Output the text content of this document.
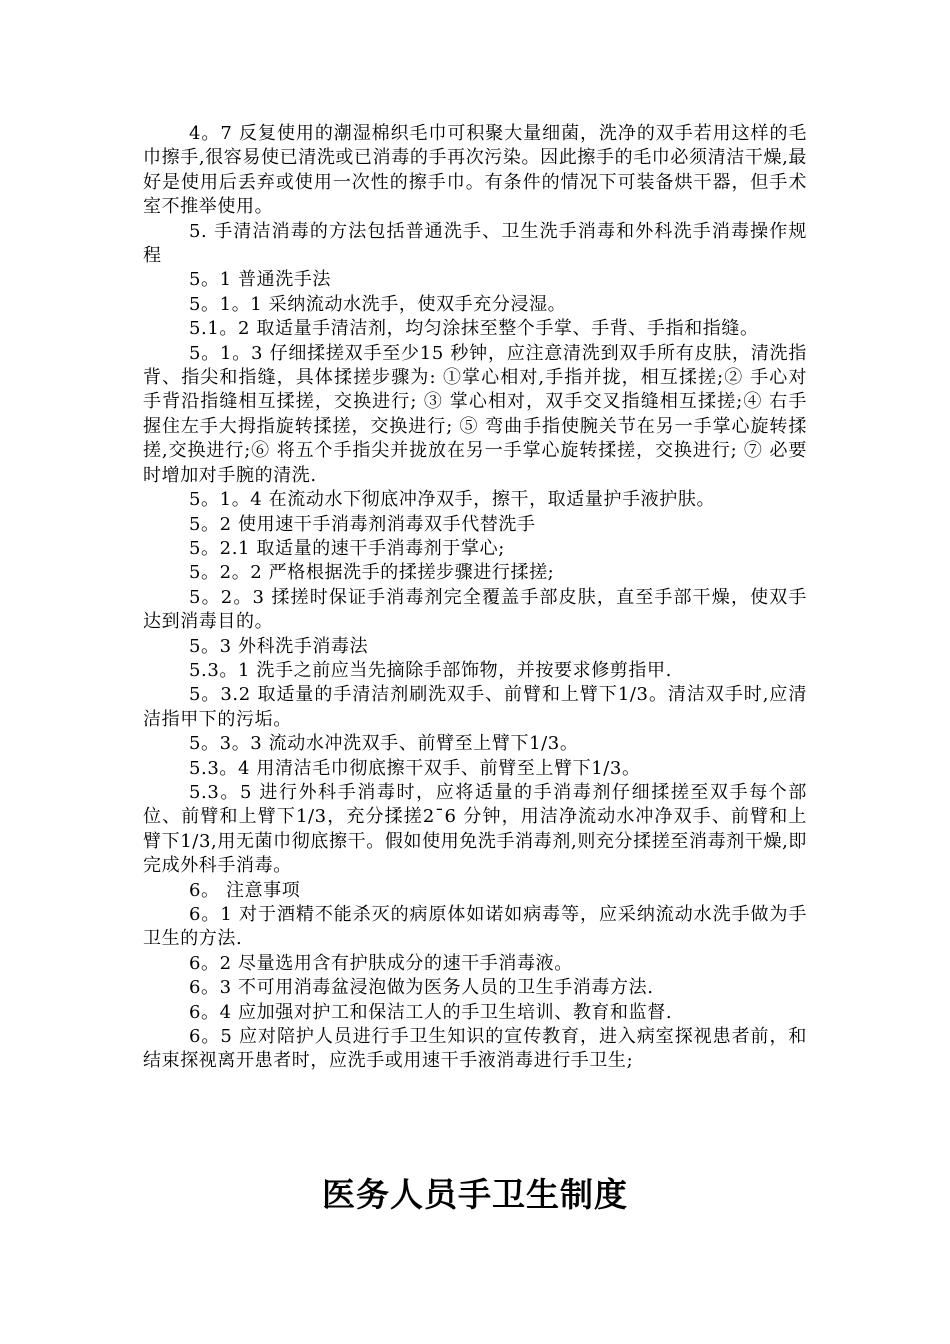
4。7 反复使用的潮湿棉织毛巾可积聚大量细菌，洗净的双手若用这样的毛巾擦手,很容易使已清洗或已消毒的手再次污染。因此擦手的毛巾必须清洁干燥,最好是使用后丢弃或使用一次性的擦手巾。有条件的情况下可装备烘干器，但手术室不推举使用。

5. 手清洁消毒的方法包括普通洗手、卫生洗手消毒和外科洗手消毒操作规程

5。1 普通洗手法

5。1。1 采纳流动水洗手，使双手充分浸湿。

5.1。2 取适量手清洁剂，均匀涂抹至整个手掌、手背、手指和指缝。

5。1。3 仔细揉搓双手至少15 秒钟，应注意清洗到双手所有皮肤，清洗指背、指尖和指缝，具体揉搓步骤为: ①掌心相对,手指并拢，相互揉搓;② 手心对手背沿指缝相互揉搓，交换进行; ③ 掌心相对，双手交叉指缝相互揉搓;④ 右手握住左手大拇指旋转揉搓，交换进行; ⑤ 弯曲手指使腕关节在另一手掌心旋转揉搓,交换进行;⑥ 将五个手指尖并拢放在另一手掌心旋转揉搓，交换进行; ⑦ 必要时增加对手腕的清洗.

5。1。4 在流动水下彻底冲净双手，擦干，取适量护手液护肤。

5。2 使用速干手消毒剂消毒双手代替洗手

5。2.1 取适量的速干手消毒剂于掌心;

5。2。2 严格根据洗手的揉搓步骤进行揉搓;

5。2。3 揉搓时保证手消毒剂完全覆盖手部皮肤，直至手部干燥，使双手达到消毒目的。

5。3 外科洗手消毒法

5.3。1 洗手之前应当先摘除手部饰物，并按要求修剪指甲.

5。3.2 取适量的手清洁剂刷洗双手、前臂和上臂下1/3。清洁双手时,应清洁指甲下的污垢。

5。3。3 流动水冲洗双手、前臂至上臂下1/3。

5.3。4 用清洁毛巾彻底擦干双手、前臂至上臂下1/3。

5.3。5 进行外科手消毒时，应将适量的手消毒剂仔细揉搓至双手每个部位、前臂和上臂下1/3，充分揉搓2¯6 分钟，用洁净流动水冲净双手、前臂和上臂下1/3,用无菌巾彻底擦干。假如使用免洗手消毒剂,则充分揉搓至消毒剂干燥,即完成外科手消毒。

6。 注意事项

6。1 对于酒精不能杀灭的病原体如诺如病毒等，应采纳流动水洗手做为手卫生的方法.

6。2 尽量选用含有护肤成分的速干手消毒液。

6。3 不可用消毒盆浸泡做为医务人员的卫生手消毒方法.

6。4 应加强对护工和保洁工人的手卫生培训、教育和监督.

6。5 应对陪护人员进行手卫生知识的宣传教育，进入病室探视患者前，和结束探视离开患者时，应洗手或用速干手液消毒进行手卫生;

医务人员手卫生制度
